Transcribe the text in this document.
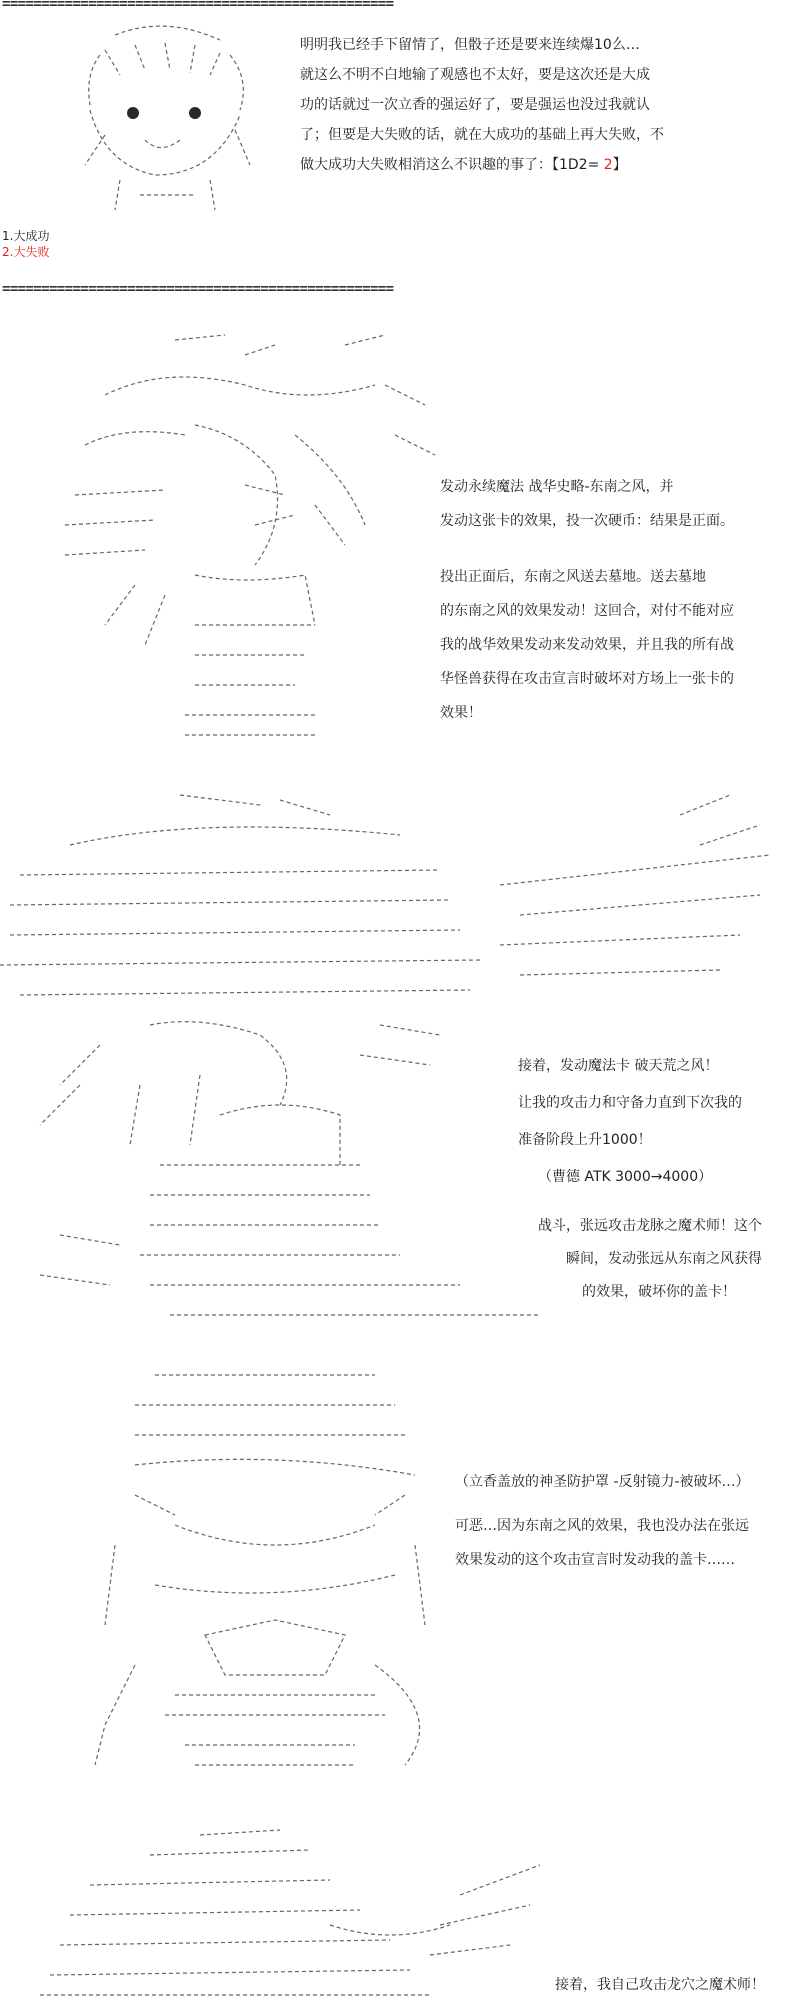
==================================================

明明我已经手下留情了，但骰子还是要来连续爆10么…

就这么不明不白地输了观感也不太好，要是这次还是大成

功的话就过一次立香的强运好了，要是强运也没过我就认

了；但要是大失败的话，就在大成功的基础上再大失败，不

做大成功大失败相消这么不识趣的事了：【1D2= 2】

1.大成功
2.大失败
==================================================

发动永续魔法 战华史略-东南之风，并

发动这张卡的效果，投一次硬币：结果是正面。

投出正面后，东南之风送去墓地。送去墓地

的东南之风的效果发动！这回合，对付不能对应

我的战华效果发动来发动效果，并且我的所有战

华怪兽获得在攻击宣言时破坏对方场上一张卡的

效果！

接着，发动魔法卡 破天荒之风！

让我的攻击力和守备力直到下次我的

准备阶段上升1000！

（曹德 ATK 3000→4000）

战斗，张远攻击龙脉之魔术师！这个

瞬间，发动张远从东南之风获得

的效果，破坏你的盖卡！

（立香盖放的神圣防护罩 -反射镜力-被破坏…）

可恶…因为东南之风的效果，我也没办法在张远

效果发动的这个攻击宣言时发动我的盖卡……

接着，我自己攻击龙穴之魔术师！
